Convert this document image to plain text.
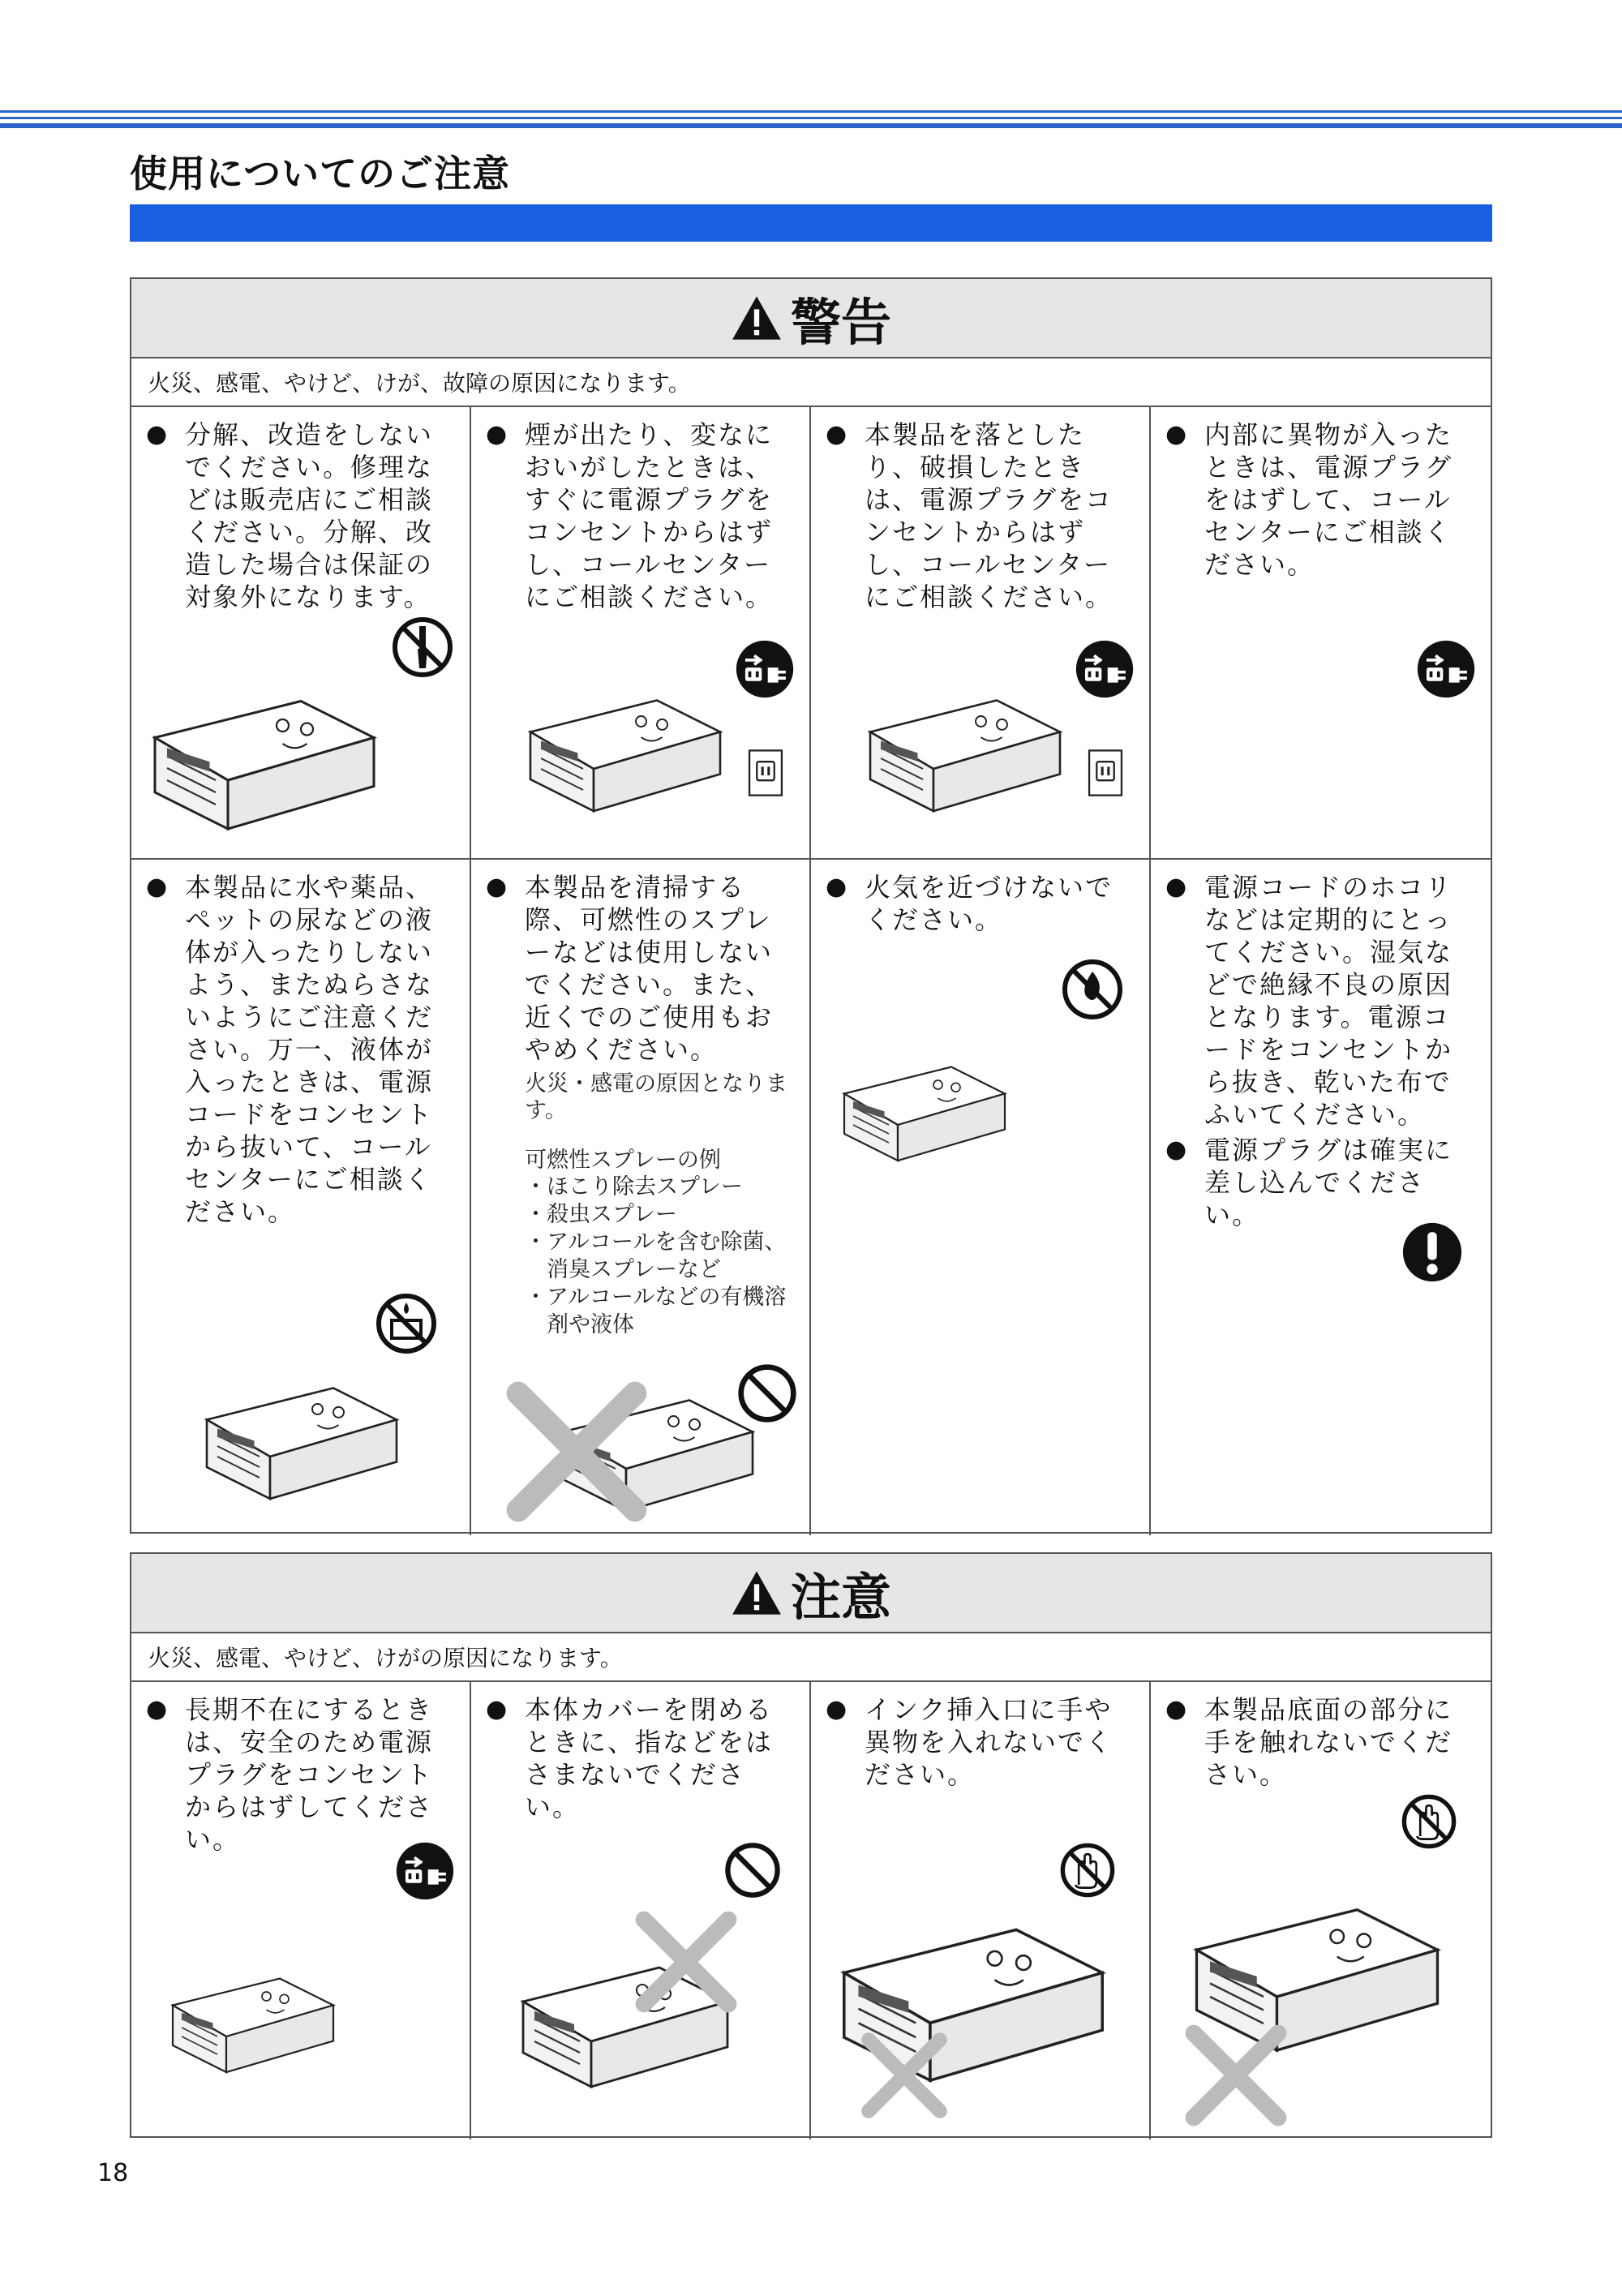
使用についてのご注意
警告
火災、感電、やけど、けが、故障の原因になります。
● 分解、改造をしないでください。修理などは販売店にご相談ください。分解、改造した場合は保証の対象外になります。
● 煙が出たり、変なにおいがしたときは、すぐに電源プラグをコンセントからはずし、コールセンターにご相談ください。
● 本製品を落としたり、破損したときは、電源プラグをコンセントからはずし、コールセンターにご相談ください。
● 内部に異物が入ったときは、電源プラグをはずして、コールセンターにご相談ください。
● 本製品に水や薬品、ペットの尿などの液体が入ったりしないよう、またぬらさないようにご注意ください。万一、液体が入ったときは、電源コードをコンセントから抜いて、コールセンターにご相談ください。
● 本製品を清掃する際、可燃性のスプレーなどは使用しないでください。また、近くでのご使用もおやめください。
火災・感電の原因となります。
可燃性スプレーの例
・ ほこり除去スプレー
・ 殺虫スプレー
・ アルコールを含む除菌、消臭スプレーなど
・ アルコールなどの有機溶剤や液体
● 火気を近づけないでください。
● 電源コードのホコリなどは定期的にとってください。湿気などで絶縁不良の原因となります。電源コードをコンセントから抜き、乾いた布でふいてください。
● 電源プラグは確実に差し込んでください。
注意
火災、感電、やけど、けがの原因になります。
● 長期不在にするときは、安全のため電源プラグをコンセントからはずしてください。
● 本体カバーを閉めるときに、指などをはさまないでください。
● インク挿入口に手や異物を入れないでください。
● 本製品底面の部分に手を触れないでください。
18
